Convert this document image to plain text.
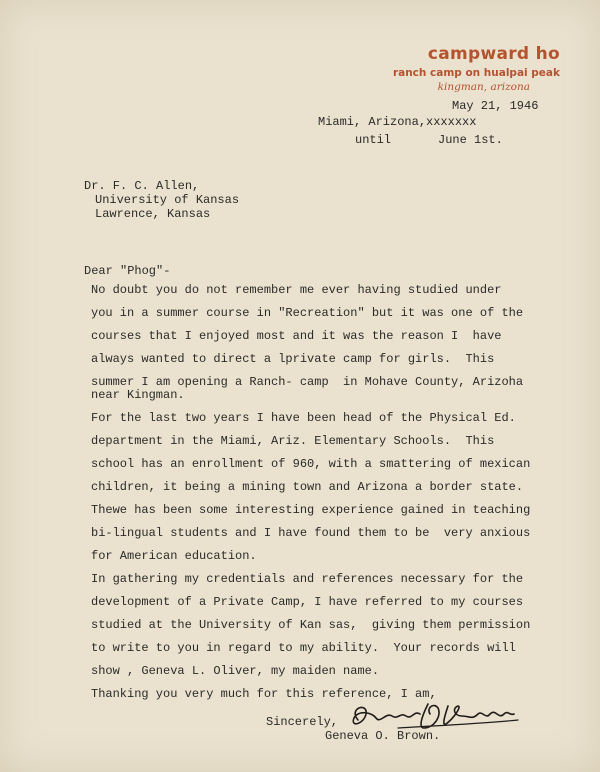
campward ho
ranch camp on hualpai peak
kingman, arizona
May 21, 1946
Miami, Arizona,xxxxxxx
until	June 1st.
Dr. F. C. Allen,
University of Kansas
Lawrence, Kansas
Dear "Phog"-
No doubt you do not remember me ever having studied under
you in a summer course in "Recreation" but it was one of the
courses that I enjoyed most and it was the reason I  have
always wanted to direct a lprivate camp for girls.  This
summer I am opening a Ranch- camp  in Mohave County, Arizoha
near Kingman.
For the last two years I have been head of the Physical Ed.
department in the Miami, Ariz. Elementary Schools.  This
school has an enrollment of 960, with a smattering of mexican
children, it being a mining town and Arizona a border state.
Thewe has been some interesting experience gained in teaching
bi-lingual students and I have found them to be  very anxious
for American education.
In gathering my credentials and references necessary for the
development of a Private Camp, I have referred to my courses
studied at the University of Kan sas,  giving them permission
to write to you in regard to my ability.  Your records will
show , Geneva L. Oliver, my maiden name.
Thanking you very much for this reference, I am,
Sincerely,
Geneva O. Brown.
